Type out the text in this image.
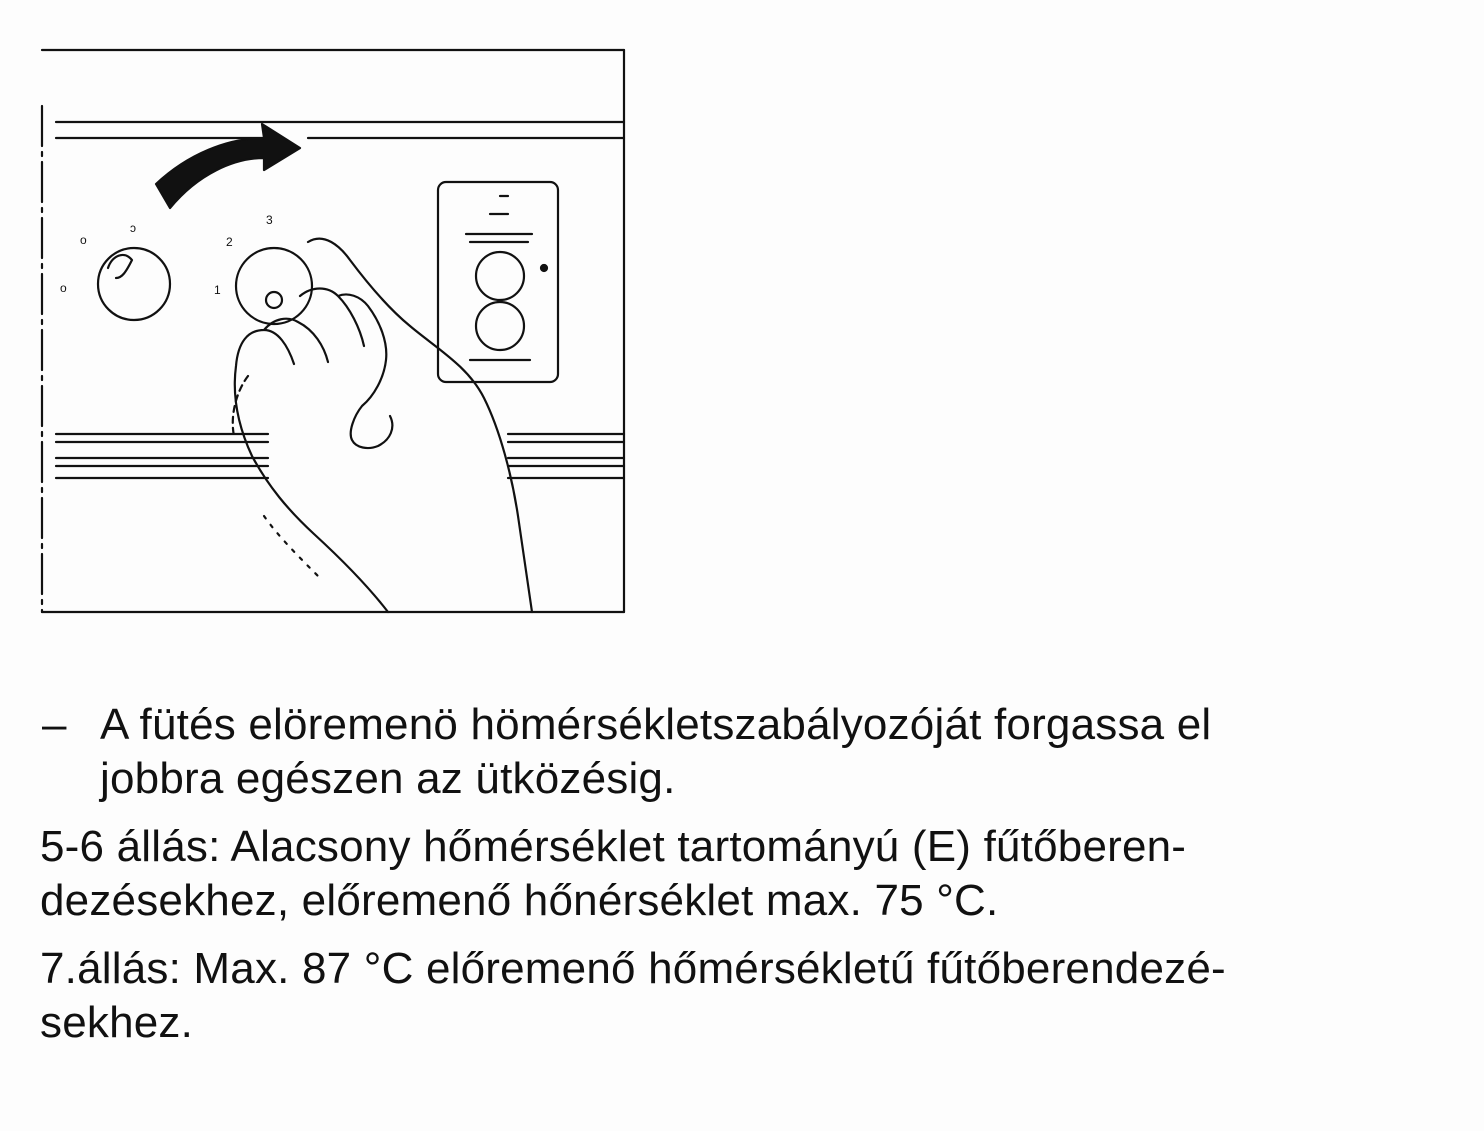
o
o
ɔ
2
3
1
– A fütés elöremenö hömérsékletszabályozóját forgassa el
jobbra egészen az ütközésig.
5-6 állás: Alacsony hőmérséklet tartományú (E) fűtőberen-
dezésekhez, előremenő hőnérséklet max. 75 °C.
7.állás: Max. 87 °C előremenő hőmérsékletű fűtőberendezé-
sekhez.
